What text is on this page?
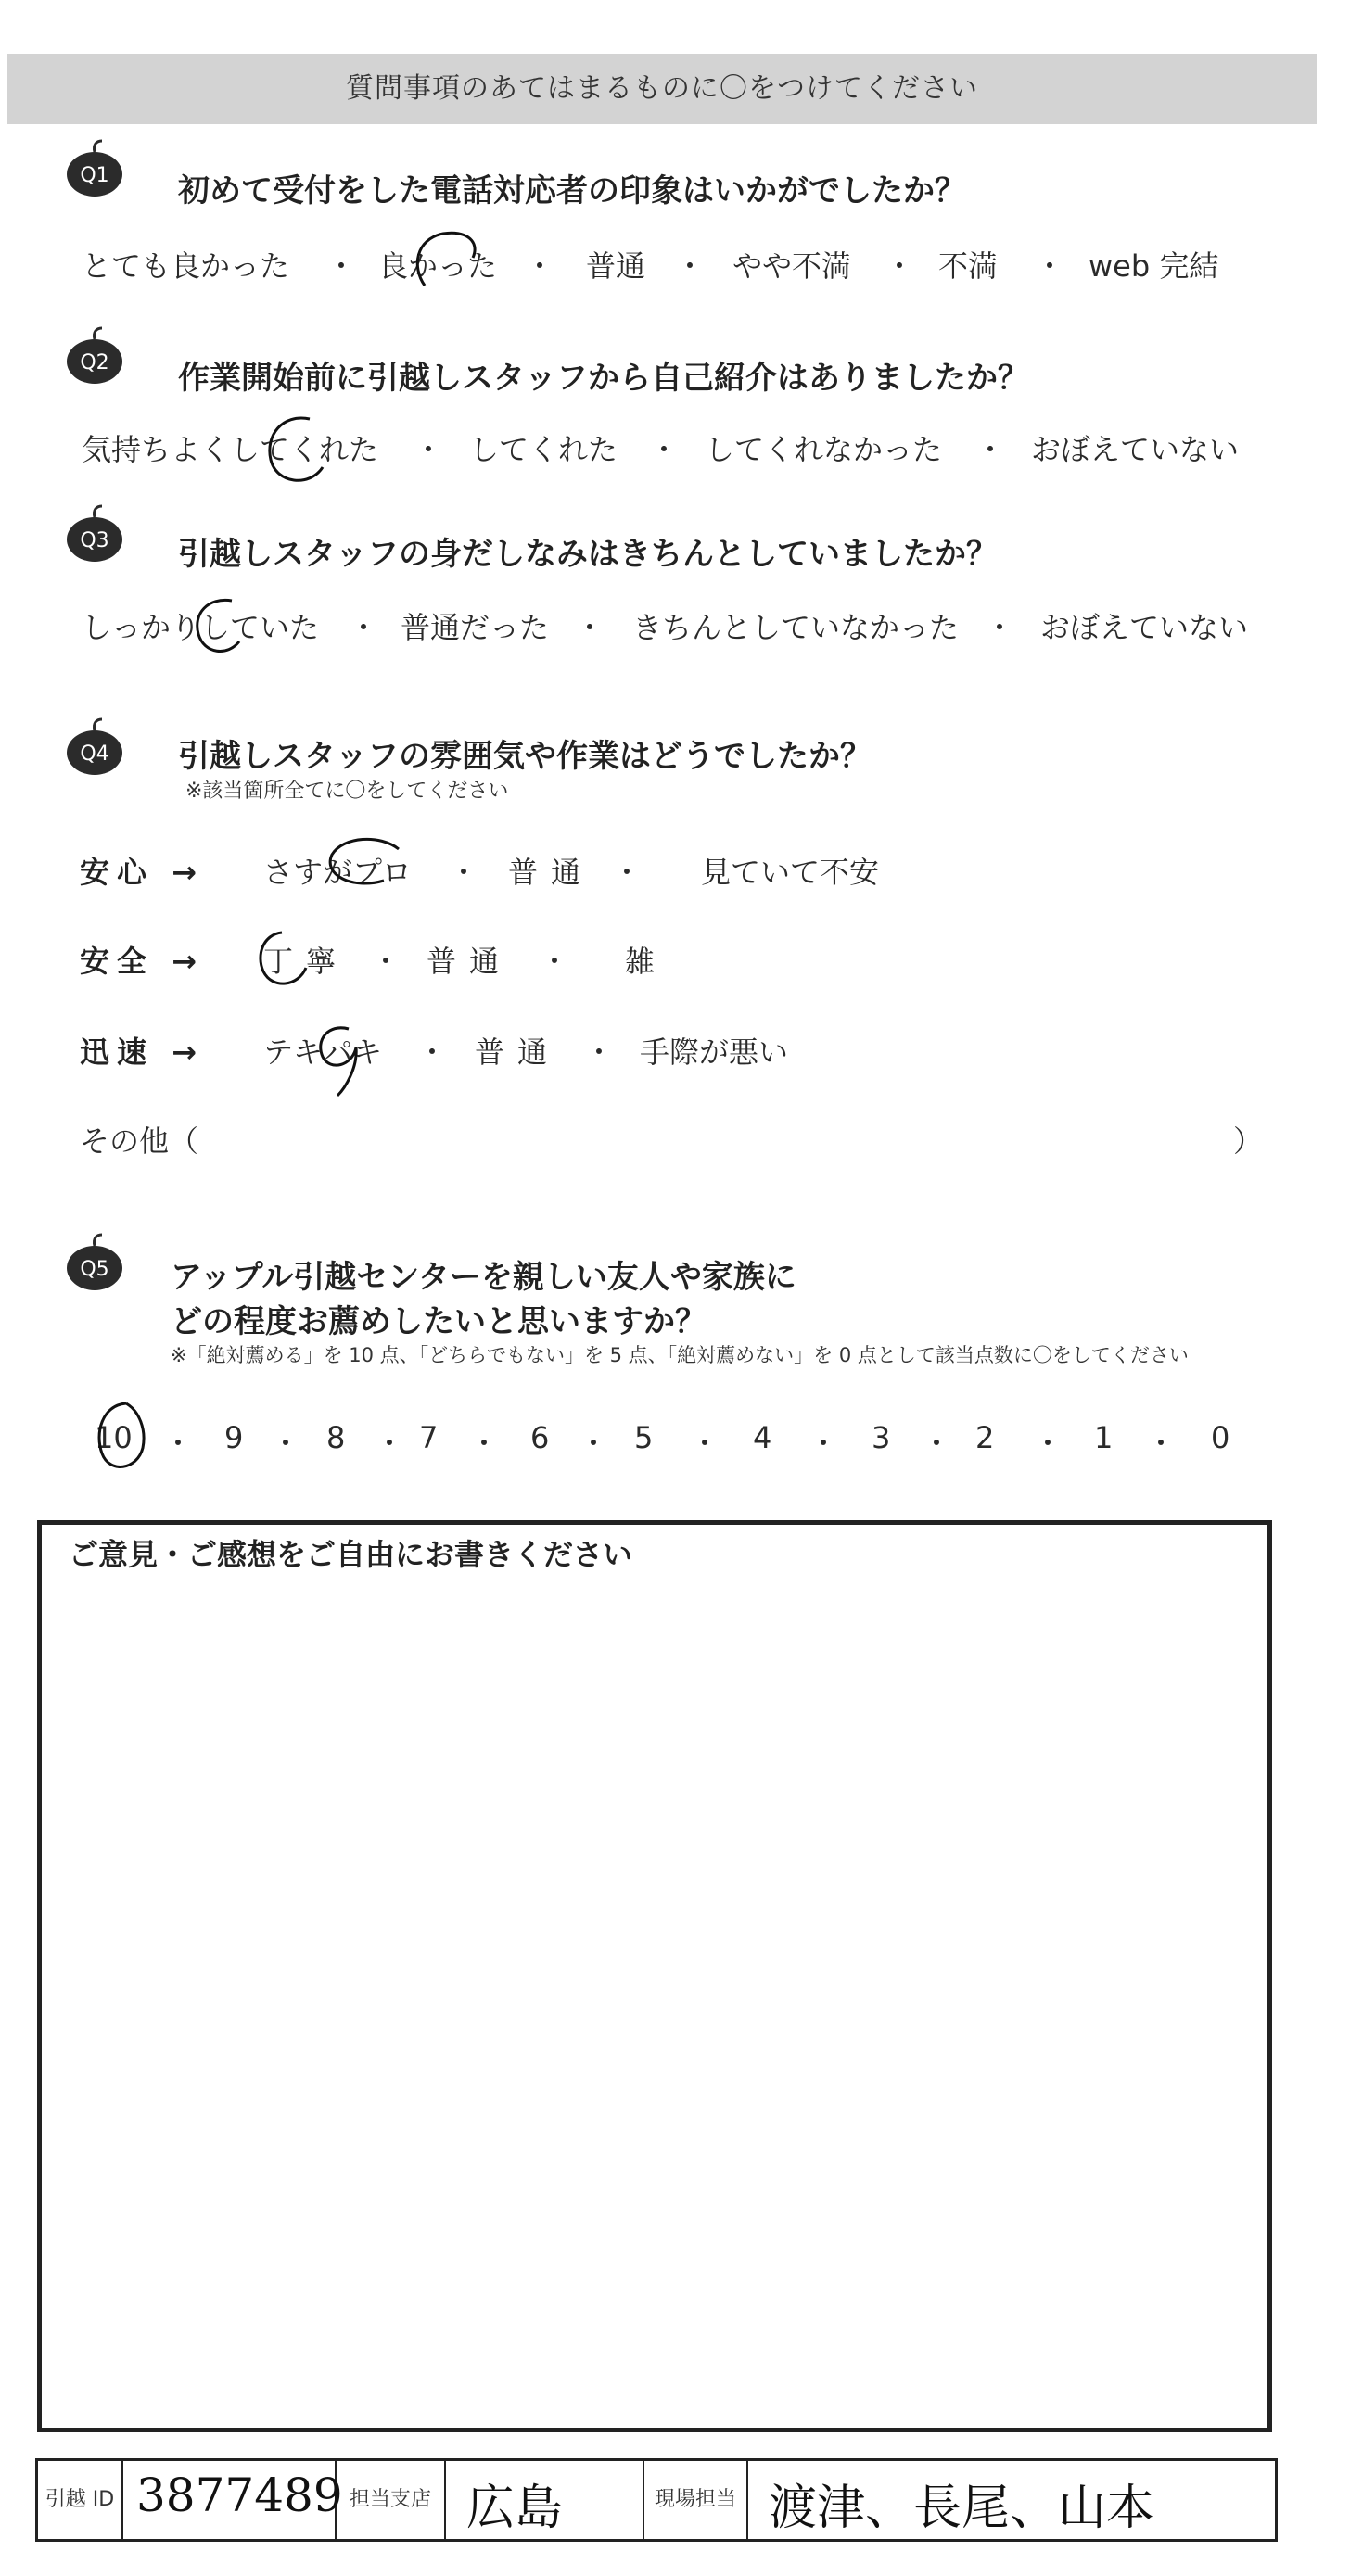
質問事項のあてはまるものに〇をつけてください
Q1 初めて受付をした電話対応者の印象はいかがでしたか？
とても良かった ・ 良かった ・ 普通 ・ やや不満 ・ 不満 ・ web 完結
Q2 作業開始前に引越しスタッフから自己紹介はありましたか？
気持ちよくしてくれた ・ してくれた ・ してくれなかった ・ おぼえていない
Q3 引越しスタッフの身だしなみはきちんとしていましたか？
しっかりしていた ・ 普通だった ・ きちんとしていなかった ・ おぼえていない
Q4 引越しスタッフの雰囲気や作業はどうでしたか？
※該当箇所全てに〇をしてください
安心 → さすがプロ ・ 普通 ・ 見ていて不安
安全 → 丁寧 ・ 普通 ・ 雑
迅速 → テキパキ ・ 普通 ・ 手際が悪い
その他（	）
Q5 アップル引越センターを親しい友人や家族に
どの程度お薦めしたいと思いますか？
※「絶対薦める」を 10 点、「どちらでもない」を 5 点、「絶対薦めない」を 0 点として該当点数に〇をしてください
10 ・ 9 ・ 8 ・ 7 ・ 6 ・ 5 ・ 4 ・ 3 ・ 2 ・ 1 ・ 0
ご意見・ご感想をご自由にお書きください
引越 ID 3877489 担当支店 広島	現場担当 渡津、長尾、山本
